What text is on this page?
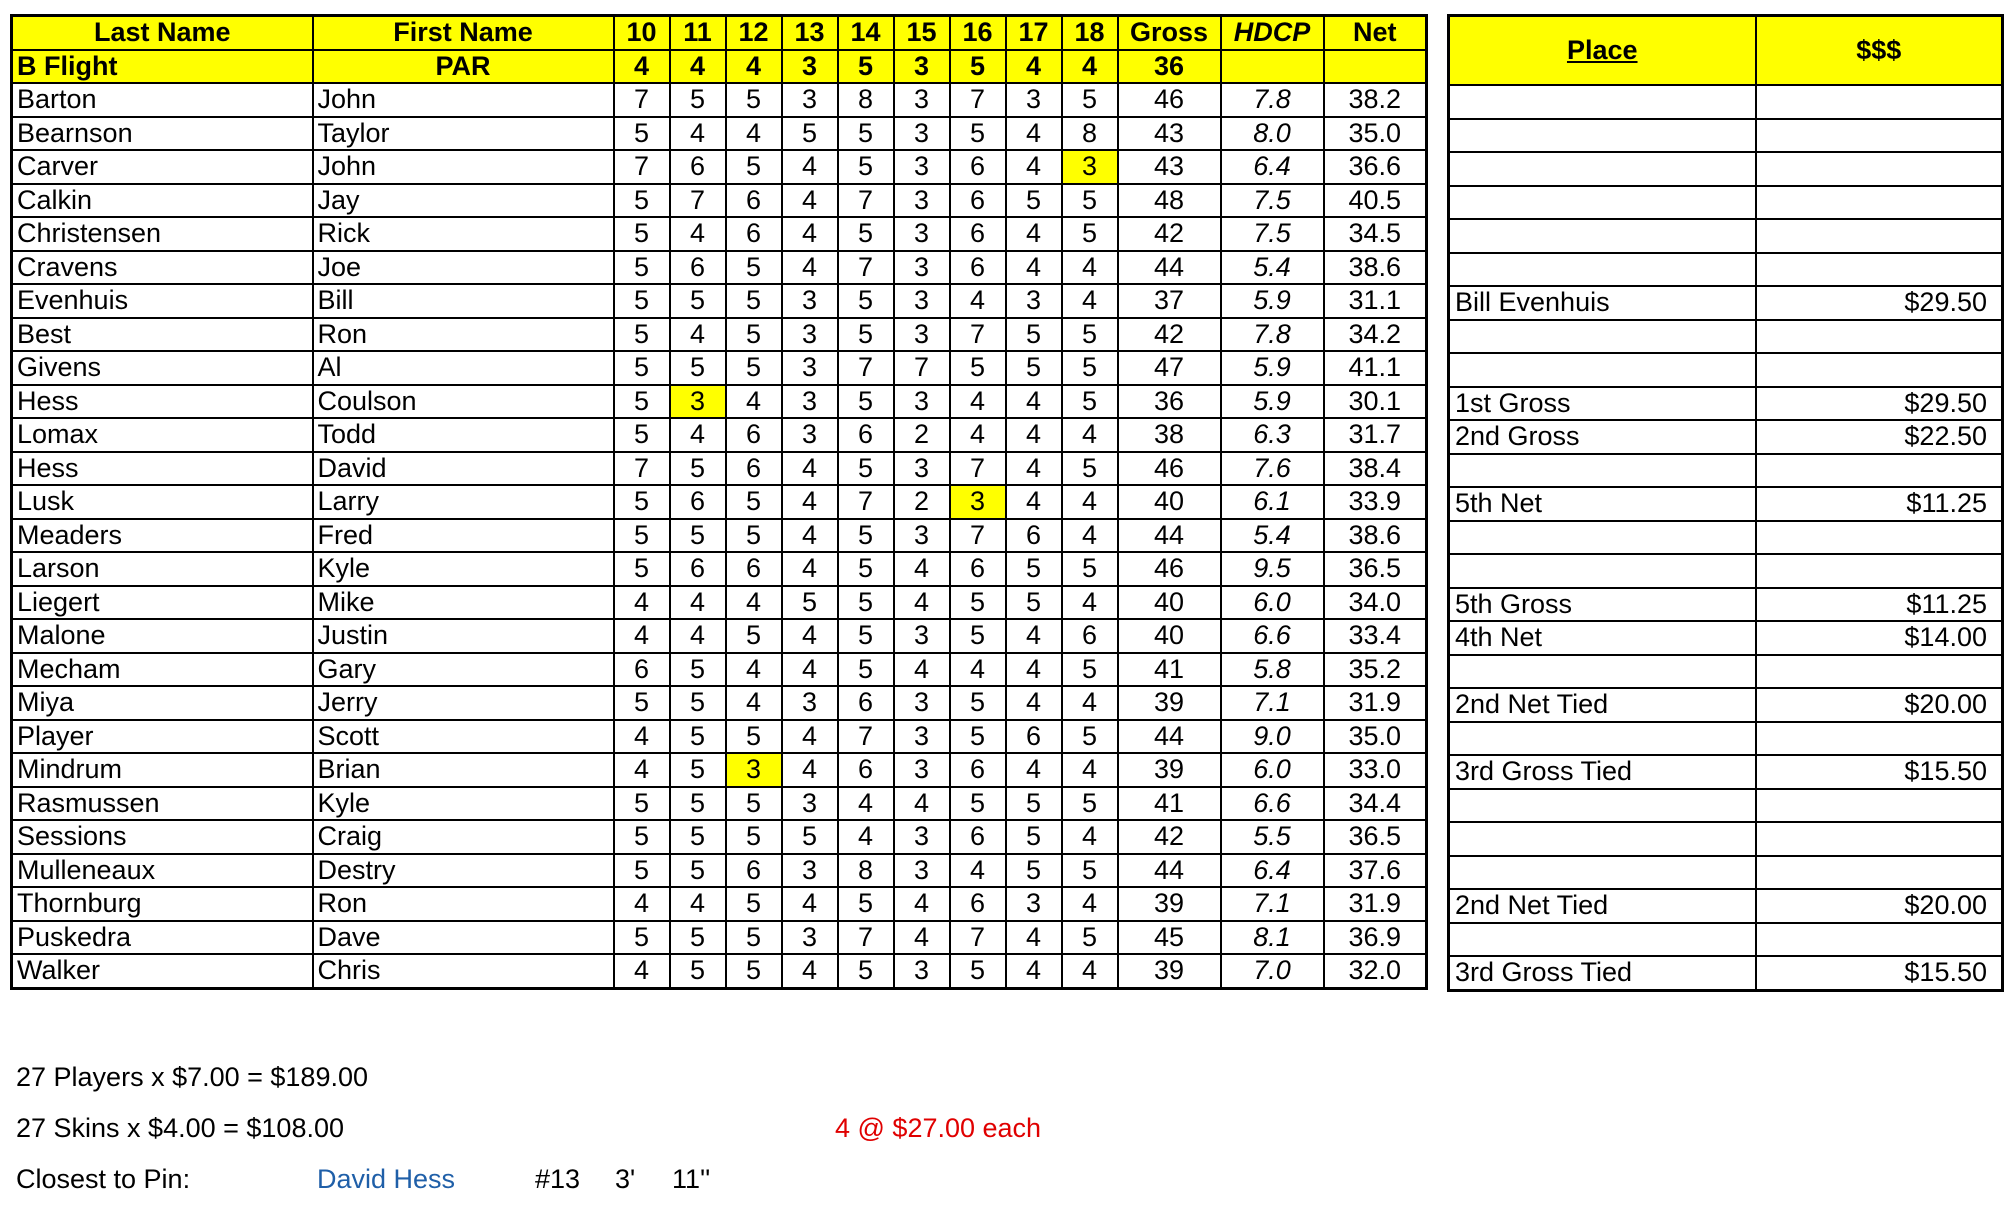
Last Name	First Name	10	11	12	13	14	15	16	17	18	Gross	HDCP	Net
B Flight	PAR	4	4	4	3	5	3	5	4	4	36		
Barton	John	7	5	5	3	8	3	7	3	5	46	7.8	38.2
Bearnson	Taylor	5	4	4	5	5	3	5	4	8	43	8.0	35.0
Carver	John	7	6	5	4	5	3	6	4	3	43	6.4	36.6
Calkin	Jay	5	7	6	4	7	3	6	5	5	48	7.5	40.5
Christensen	Rick	5	4	6	4	5	3	6	4	5	42	7.5	34.5
Cravens	Joe	5	6	5	4	7	3	6	4	4	44	5.4	38.6
Evenhuis	Bill	5	5	5	3	5	3	4	3	4	37	5.9	31.1
Best	Ron	5	4	5	3	5	3	7	5	5	42	7.8	34.2
Givens	Al	5	5	5	3	7	7	5	5	5	47	5.9	41.1
Hess	Coulson	5	3	4	3	5	3	4	4	5	36	5.9	30.1
Lomax	Todd	5	4	6	3	6	2	4	4	4	38	6.3	31.7
Hess	David	7	5	6	4	5	3	7	4	5	46	7.6	38.4
Lusk	Larry	5	6	5	4	7	2	3	4	4	40	6.1	33.9
Meaders	Fred	5	5	5	4	5	3	7	6	4	44	5.4	38.6
Larson	Kyle	5	6	6	4	5	4	6	5	5	46	9.5	36.5
Liegert	Mike	4	4	4	5	5	4	5	5	4	40	6.0	34.0
Malone	Justin	4	4	5	4	5	3	5	4	6	40	6.6	33.4
Mecham	Gary	6	5	4	4	5	4	4	4	5	41	5.8	35.2
Miya	Jerry	5	5	4	3	6	3	5	4	4	39	7.1	31.9
Player	Scott	4	5	5	4	7	3	5	6	5	44	9.0	35.0
Mindrum	Brian	4	5	3	4	6	3	6	4	4	39	6.0	33.0
Rasmussen	Kyle	5	5	5	3	4	4	5	5	5	41	6.6	34.4
Sessions	Craig	5	5	5	5	4	3	6	5	4	42	5.5	36.5
Mulleneaux	Destry	5	5	6	3	8	3	4	5	5	44	6.4	37.6
Thornburg	Ron	4	4	5	4	5	4	6	3	4	39	7.1	31.9
Puskedra	Dave	5	5	5	3	7	4	7	4	5	45	8.1	36.9
Walker	Chris	4	5	5	4	5	3	5	4	4	39	7.0	32.0
Place	$$$

Bill Evenhuis	$29.50

1st Gross	$29.50
2nd Gross	$22.50

5th Net	$11.25

5th Gross	$11.25
4th Net	$14.00

2nd Net Tied	$20.00

3rd Gross Tied	$15.50

2nd Net Tied	$20.00

3rd Gross Tied	$15.50
27 Players x $7.00 = $189.00
27 Skins x $4.00 = $108.00	4 @ $27.00 each
Closest to Pin:	David Hess	#13 3' 11''
